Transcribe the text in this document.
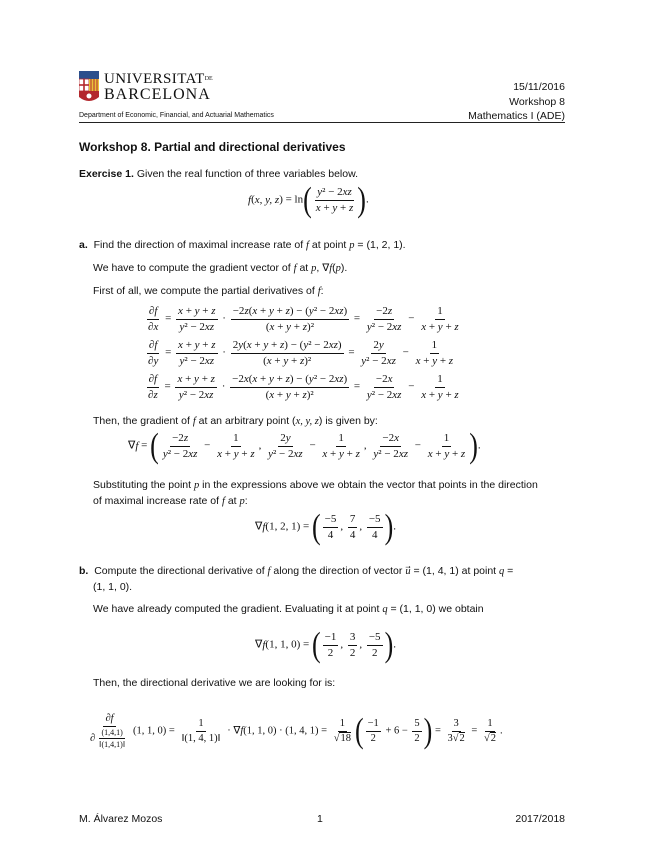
$UNIVERSITAT^{DE}$
BARCELONA	15/11/2016
Workshop 8
Mathematics I (ADE)
Department of Economic, Financial, and Actuarial Mathematics
Workshop 8. Partial and directional derivatives
Exercise 1. Given the real function of three variables below.
f(x, y, $z) = \ln( \frac{\text{y² − 2xz}}{x + y + z}$ ).
a. Find the direction of maximal increase rate of f at point p = (1, 2, 1).
We have to compute the gradient vector of f at p, ∇f(p).
First of all, we compute the partial derivatives of f:
$\frac{\partial f}{\partial x} = \frac{x + y + z}{\text{y² − 2xz}} \cdot \frac{\text{−2z(x + y + z) − (y² − 2xz)}}{\text{(x + y + z)²}} = \frac{-2z}{\text{y² − 2xz}} - \frac{1}{x + y + z}$
$\frac{\partial f}{\partial y} = \frac{x + y + z}{\text{y² − 2xz}} \cdot \frac{\text{2y(x + y + z) − (y² − 2xz)}}{\text{(x + y + z)²}} = \frac{2y}{\text{y² − 2xz}} - \frac{1}{x + y + z}$
$\frac{\partial f}{\partial z} = \frac{x + y + z}{\text{y² − 2xz}} \cdot \frac{\text{−2x(x + y + z) − (y² − 2xz)}}{\text{(x + y + z)²}} = \frac{-2x}{\text{y² − 2xz}} - \frac{1}{x + y + z}$
Then, the gradient of f at an arbitrary point (x, y, z) is given by:
∇f = ( $\frac{-2z}{\text{y² − 2xz}} - \frac{1}{x + y + z}$ , $\frac{2y}{\text{y² − 2xz}} - \frac{1}{x + y + z}$ , $\frac{-2x}{\text{y² − 2xz}} - \frac{1}{x + y + z}$ ).
Substituting the point p in the expressions above we obtain the vector that points in the direction
of maximal increase rate of f at p:
∇f(1, 2, 1) = ( $\frac{-5}{4}$ , $\frac{7}{4}$ , $\frac{-5}{4}$ ).
b. Compute the directional derivative of f along the direction of vector u⃗ = (1, 4, 1) at point q =
(1, 1, 0).
We have already computed the gradient. Evaluating it at point q = (1, 1, 0) we obtain
∇f(1, 1, 0) = ( $\frac{-1}{2}$ , $\frac{3}{2}$ , $\frac{-5}{2}$ ).
Then, the directional derivative we are looking for is:
$\frac{\partial f}{\partial \frac{(1,4,1)}{‖(1,4,1)‖}} (1$, 1, $0) = \frac{1}{‖(1, 4, 1)‖} \cdot \nabla f(1$, 1, 0) · (1, 4, $1) = \frac{1}{√18}$ ( $\frac{-1}{2} + 6 - \frac{5}{2}$ ) = $\frac{3}{3√2} = \frac{1}{√2}$ .
M. Álvarez Mozos	1	2017/2018
